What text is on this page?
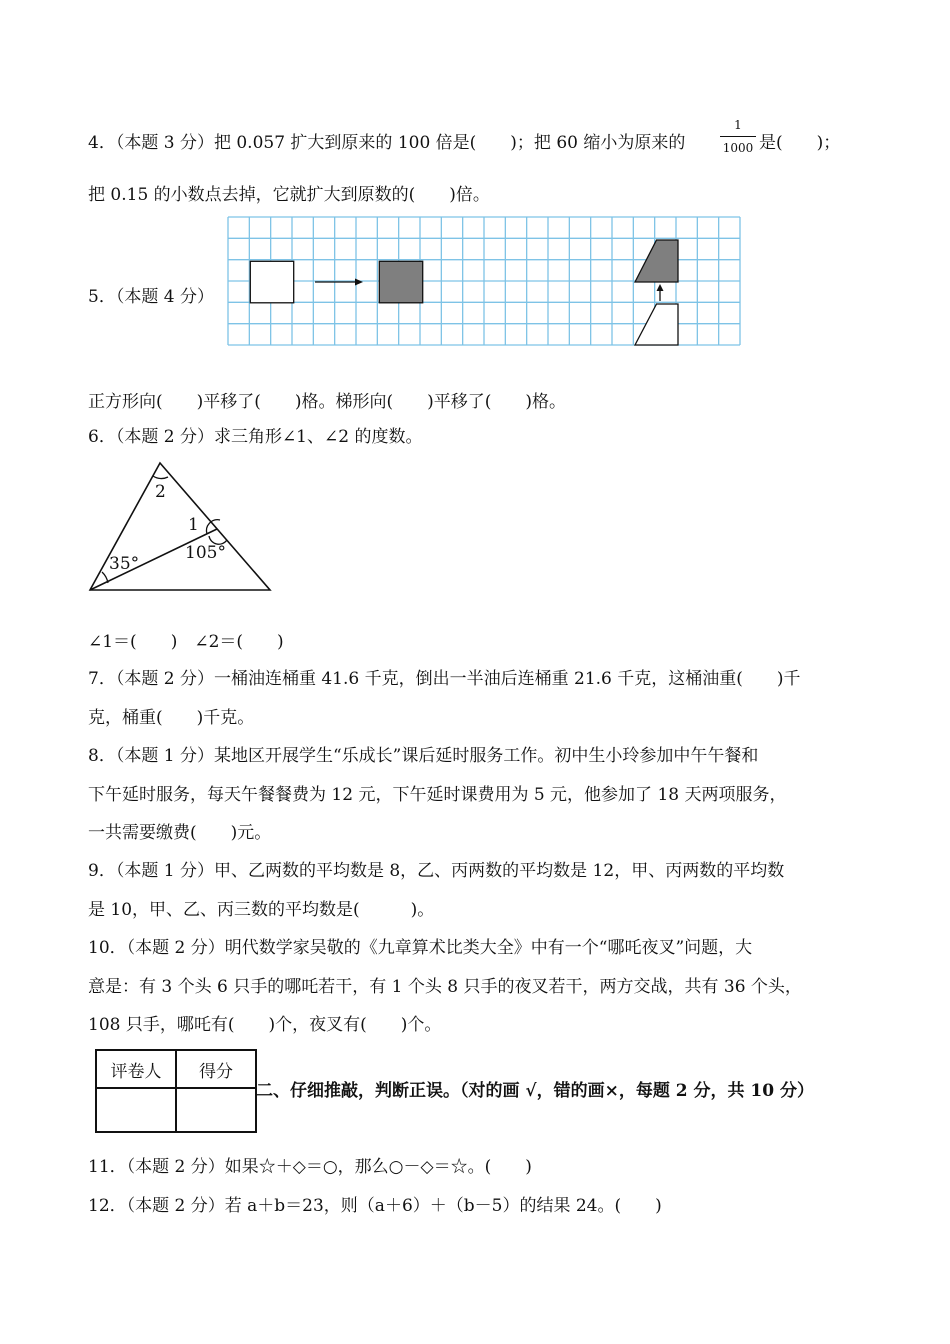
4．（本题 3 分）把 0.057 扩大到原来的 100 倍是(　　)；把 60 缩小为原来的
1
1000 是(　　)；
把 0.15 的小数点去掉，它就扩大到原数的(　　)倍。
5．（本题 4 分）
正方形向(　　)平移了(　　)格。梯形向(　　)平移了(　　)格。
6．（本题 2 分）求三角形∠1、∠2 的度数。
2
1
105°
35°
∠1＝(　　)　∠2＝(　　)
7．（本题 2 分）一桶油连桶重 41.6 千克，倒出一半油后连桶重 21.6 千克，这桶油重(　　)千
克，桶重(　　)千克。
8．（本题 1 分）某地区开展学生“乐成长”课后延时服务工作。初中生小玲参加中午午餐和
下午延时服务，每天午餐餐费为 12 元，下午延时课费用为 5 元，他参加了 18 天两项服务，
一共需要缴费(　　)元。
9．（本题 1 分）甲、乙两数的平均数是 8，乙、丙两数的平均数是 12，甲、丙两数的平均数
是 10，甲、乙、丙三数的平均数是(　　　)。
10．（本题 2 分）明代数学家吴敬的《九章算术比类大全》中有一个“哪吒夜叉”问题，大
意是：有 3 个头 6 只手的哪吒若干，有 1 个头 8 只手的夜叉若干，两方交战，共有 36 个头，
108 只手，哪吒有(　　)个，夜叉有(　　)个。
评卷人	得分

二、仔细推敲，判断正误。（对的画 √，错的画×，每题 2 分，共 10 分）
11．（本题 2 分）如果☆＋◇＝○，那么○－◇＝☆。(　　)
12．（本题 2 分）若 a＋b＝23，则（a＋6）＋（b－5）的结果 24。(　　)
